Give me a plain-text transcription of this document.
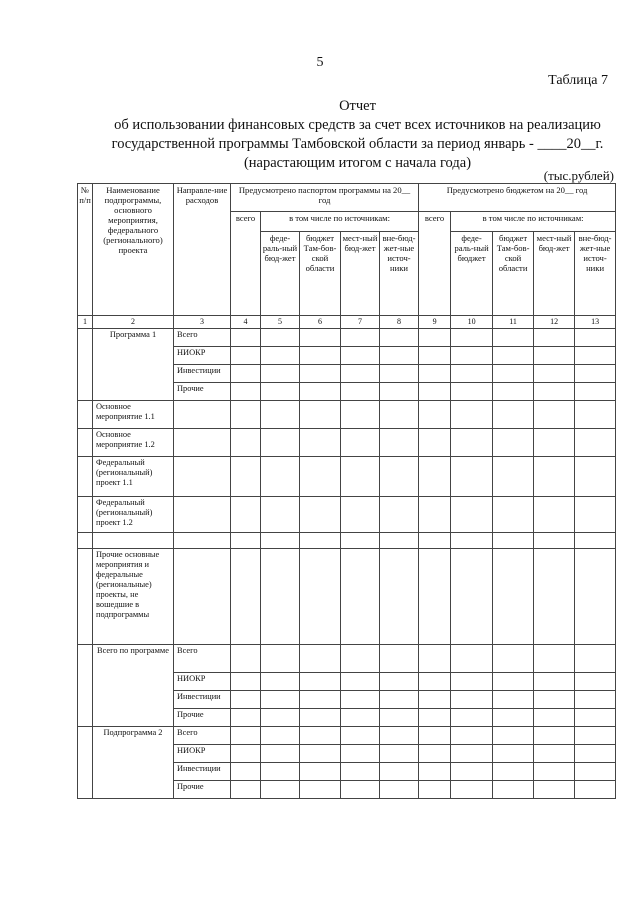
5
Таблица 7
Отчет
об использовании финансовых средств за счет всех источников на реализацию
государственной программы Тамбовской области за период январь - ____20__г.
(нарастающим итогом с начала года)
(тыс.рублей)
№ п/п	Наименование подпрограммы, основного мероприятия, федерального (регионального) проекта	Направле-ние расходов	Предусмотрено паспортом программы на 20__ год					Предусмотрено бюджетом на 20__ год				
			всего	в том числе по источникам:				всего	в том числе по источникам:			
				феде-раль-ный бюд-жет	бюджет Там-бов-ской области	мест-ный бюд-жет	вне-бюд-жет-ные источ-ники		феде-раль-ный бюджет	бюджет Там-бов-ской области	мест-ный бюд-жет	вне-бюд-жет-ные источ-ники
1	2	3	4	5	6	7	8	9	10	11	12	13
	Программа 1	Всего										
		НИОКР										
		Инвестиции										
		Прочие										
	Основное мероприятие 1.1											
	Основное мероприятие 1.2											
	Федеральный (региональный) проект 1.1											
	Федеральный (региональный) проект 1.2											

	Прочие основные мероприятия и федеральные (региональные) проекты, не вошедшие в подпрограммы											
	Всего по программе	Всего										
		НИОКР										
		Инвестиции										
		Прочие										
	Подпрограмма 2	Всего										
		НИОКР										
		Инвестиции										
		Прочие										
